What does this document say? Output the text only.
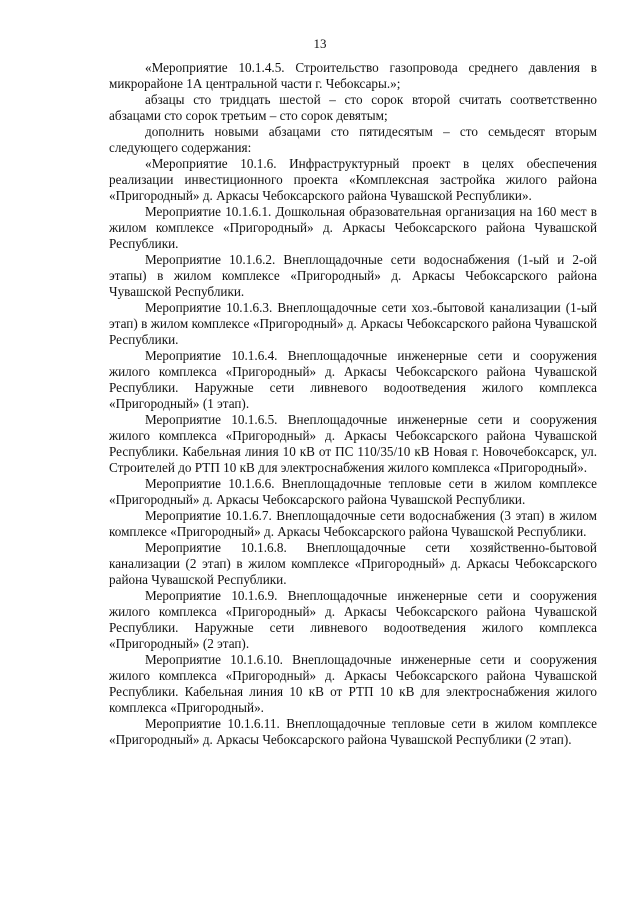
13

«Мероприятие 10.1.4.5. Строительство газопровода среднего давления в микрорайоне 1А центральной части г. Чебоксары.»;

абзацы сто тридцать шестой – сто сорок второй считать соответственно абзацами сто сорок третьим – сто сорок девятым;

дополнить новыми абзацами сто пятидесятым – сто семьдесят вторым следующего содержания:

«Мероприятие 10.1.6. Инфраструктурный проект в целях обеспечения реализации инвестиционного проекта «Комплексная застройка жилого района «Пригородный» д. Аркасы Чебоксарского района Чувашской Республики».

Мероприятие 10.1.6.1. Дошкольная образовательная организация на 160 мест в жилом комплексе «Пригородный» д. Аркасы Чебоксарского района Чувашской Республики.

Мероприятие 10.1.6.2. Внеплощадочные сети водоснабжения (1-ый и 2-ой этапы) в жилом комплексе «Пригородный» д. Аркасы Чебоксарского района Чувашской Республики.

Мероприятие 10.1.6.3. Внеплощадочные сети хоз.-бытовой канализации (1-ый этап) в жилом комплексе «Пригородный» д. Аркасы Чебоксарского района Чувашской Республики.

Мероприятие 10.1.6.4. Внеплощадочные инженерные сети и сооружения жилого комплекса «Пригородный» д. Аркасы Чебоксарского района Чувашской Республики. Наружные сети ливневого водоотведения жилого комплекса «Пригородный» (1 этап).

Мероприятие 10.1.6.5. Внеплощадочные инженерные сети и сооружения жилого комплекса «Пригородный» д. Аркасы Чебоксарского района Чувашской Республики. Кабельная линия 10 кВ от ПС 110/35/10 кВ Новая г. Новочебоксарск, ул. Строителей до РТП 10 кВ для электроснабжения жилого комплекса «Пригородный».

Мероприятие 10.1.6.6. Внеплощадочные тепловые сети в жилом комплексе «Пригородный» д. Аркасы Чебоксарского района Чувашской Республики.

Мероприятие 10.1.6.7. Внеплощадочные сети водоснабжения (3 этап) в жилом комплексе «Пригородный» д. Аркасы Чебоксарского района Чувашской Республики.

Мероприятие 10.1.6.8. Внеплощадочные сети хозяйственно-бытовой канализации (2 этап) в жилом комплексе «Пригородный» д. Аркасы Чебоксарского района Чувашской Республики.

Мероприятие 10.1.6.9. Внеплощадочные инженерные сети и сооружения жилого комплекса «Пригородный» д. Аркасы Чебоксарского района Чувашской Республики. Наружные сети ливневого водоотведения жилого комплекса «Пригородный» (2 этап).

Мероприятие 10.1.6.10. Внеплощадочные инженерные сети и сооружения жилого комплекса «Пригородный» д. Аркасы Чебоксарского района Чувашской Республики. Кабельная линия 10 кВ от РТП 10 кВ для электроснабжения жилого комплекса «Пригородный».

Мероприятие 10.1.6.11. Внеплощадочные тепловые сети в жилом комплексе «Пригородный» д. Аркасы Чебоксарского района Чувашской Республики (2 этап).
